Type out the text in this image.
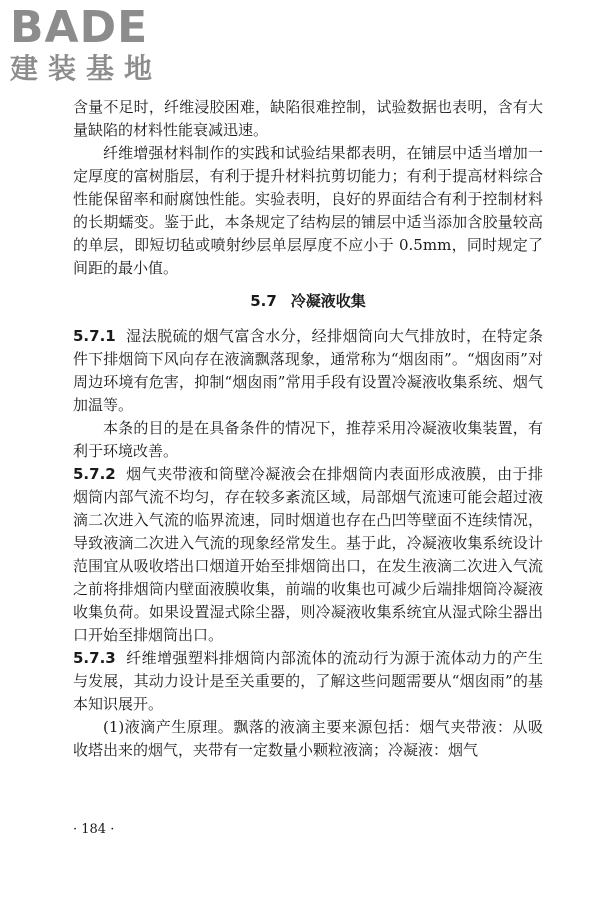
BADE
建装基地

含量不足时，纤维浸胶困难，缺陷很难控制，试验数据也表明，含有大量缺陷的材料性能衰减迅速。

纤维增强材料制作的实践和试验结果都表明，在铺层中适当增加一定厚度的富树脂层，有利于提升材料抗剪切能力；有利于提高材料综合性能保留率和耐腐蚀性能。实验表明，良好的界面结合有利于控制材料的长期蠕变。鉴于此，本条规定了结构层的铺层中适当添加含胶量较高的单层，即短切毡或喷射纱层单层厚度不应小于 0.5mm，同时规定了间距的最小值。

5.7 冷凝液收集

5.7.1 湿法脱硫的烟气富含水分，经排烟筒向大气排放时，在特定条件下排烟筒下风向存在液滴飘落现象，通常称为“烟囱雨”。“烟囱雨”对周边环境有危害，抑制“烟囱雨”常用手段有设置冷凝液收集系统、烟气加温等。

本条的目的是在具备条件的情况下，推荐采用冷凝液收集装置，有利于环境改善。

5.7.2 烟气夹带液和筒壁冷凝液会在排烟筒内表面形成液膜，由于排烟筒内部气流不均匀，存在较多紊流区域，局部烟气流速可能会超过液滴二次进入气流的临界流速，同时烟道也存在凸凹等壁面不连续情况，导致液滴二次进入气流的现象经常发生。基于此，冷凝液收集系统设计范围宜从吸收塔出口烟道开始至排烟筒出口，在发生液滴二次进入气流之前将排烟筒内壁面液膜收集，前端的收集也可减少后端排烟筒冷凝液收集负荷。如果设置湿式除尘器，则冷凝液收集系统宜从湿式除尘器出口开始至排烟筒出口。

5.7.3 纤维增强塑料排烟筒内部流体的流动行为源于流体动力的产生与发展，其动力设计是至关重要的，了解这些问题需要从“烟囱雨”的基本知识展开。

(1)液滴产生原理。飘落的液滴主要来源包括：烟气夹带液：从吸收塔出来的烟气，夹带有一定数量小颗粒液滴；冷凝液：烟气

· 184 ·
